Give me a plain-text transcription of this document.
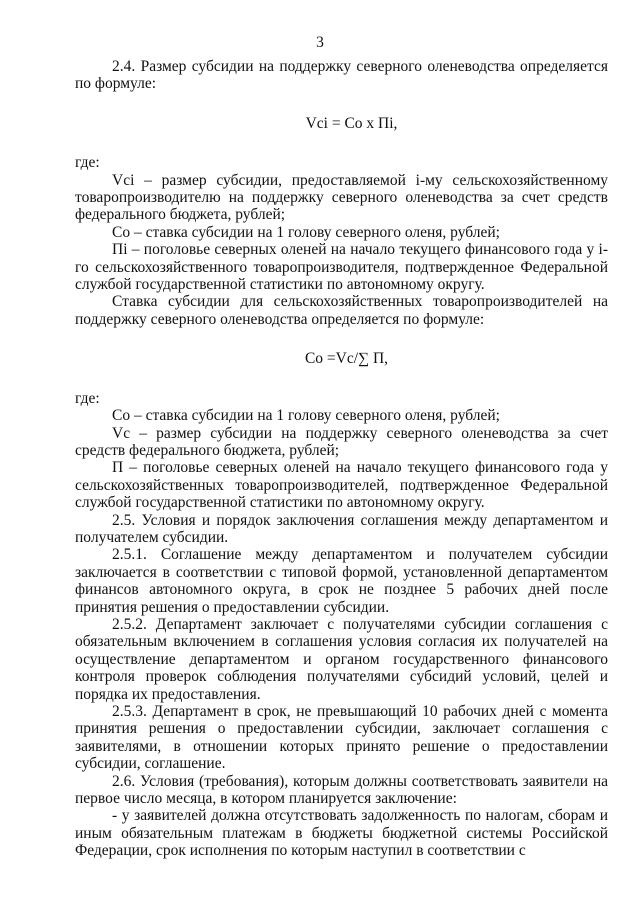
3

2.4. Размер субсидии на поддержку северного оленеводства определяется по формуле:

Vci = Co x Пi,

где:

Vci – размер субсидии, предоставляемой i-му сельскохозяйственному товаропроизводителю на поддержку северного оленеводства за счет средств федерального бюджета, рублей;

Co – ставка субсидии на 1 голову северного оленя, рублей;

Пi – поголовье северных оленей на начало текущего финансового года у i-го сельскохозяйственного товаропроизводителя, подтвержденное Федеральной службой государственной статистики по автономному округу.

Ставка субсидии для сельскохозяйственных товаропроизводителей на поддержку северного оленеводства определяется по формуле:

Co =Vc/∑ П,

где:

Co – ставка субсидии на 1 голову северного оленя, рублей;

Vc – размер субсидии на поддержку северного оленеводства за счет средств федерального бюджета, рублей;

П – поголовье северных оленей на начало текущего финансового года у сельскохозяйственных товаропроизводителей, подтвержденное Федеральной службой государственной статистики по автономному округу.

2.5. Условия и порядок заключения соглашения между департаментом и получателем субсидии.

2.5.1. Соглашение между департаментом и получателем субсидии заключается в соответствии с типовой формой, установленной департаментом финансов автономного округа, в срок не позднее 5 рабочих дней после принятия решения о предоставлении субсидии.

2.5.2. Департамент заключает с получателями субсидии соглашения с обязательным включением в соглашения условия согласия их получателей на осуществление департаментом и органом государственного финансового контроля проверок соблюдения получателями субсидий условий, целей и порядка их предоставления.

2.5.3. Департамент в срок, не превышающий 10 рабочих дней с момента принятия решения о предоставлении субсидии, заключает соглашения с заявителями, в отношении которых принято решение о предоставлении субсидии, соглашение.

2.6. Условия (требования), которым должны соответствовать заявители на первое число месяца, в котором планируется заключение:

- у заявителей должна отсутствовать задолженность по налогам, сборам и иным обязательным платежам в бюджеты бюджетной системы Российской Федерации, срок исполнения по которым наступил в соответствии с
